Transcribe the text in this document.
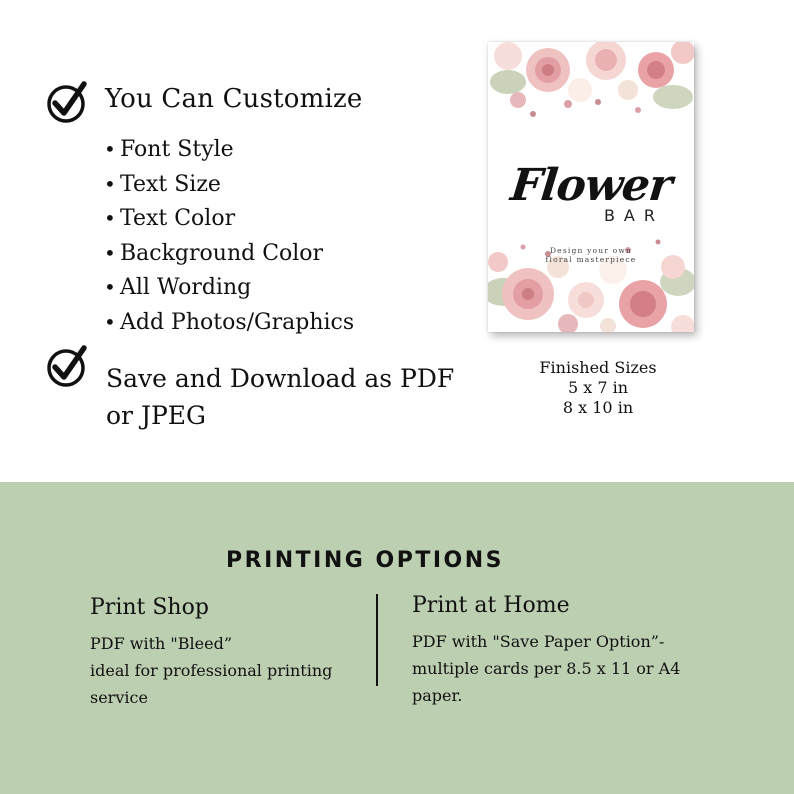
You Can Customize
• Font Style
• Text Size
• Text Color
• Background Color
• All Wording
• Add Photos/Graphics
Save and Download as PDF
or JPEG
Flower
BAR
Design your own
floral masterpiece
Finished Sizes
5 x 7 in
8 x 10 in
PRINTING OPTIONS
Print Shop
PDF with "Bleed”
ideal for professional printing
service
Print at Home
PDF with "Save Paper Option”-
multiple cards per 8.5 x 11 or A4
paper.
